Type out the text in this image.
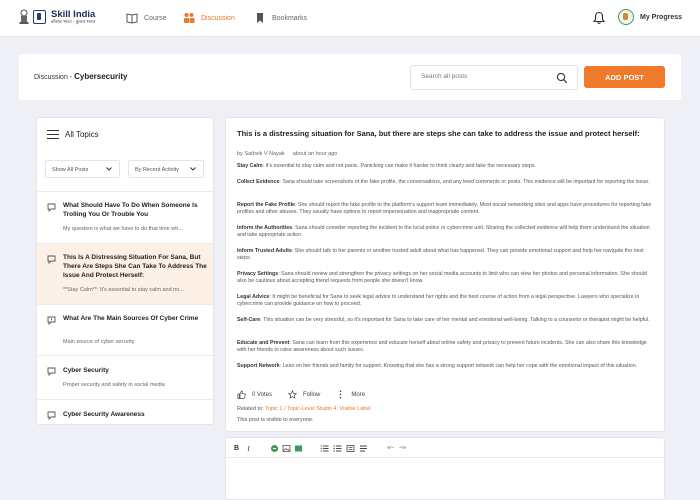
Skill India
कौशल भारत - कुशल भारत	Course	Discussion	Bookmarks	My Progress
Discussion - Cybersecurity
Search all posts	ADD POST
All Topics
Show All Posts	By Recent Activity
What Should Have To Do When Someone Is Trolling You Or Trouble You
My question is what we have to do that time wh...
This Is A Distressing Situation For Sana, But There Are Steps She Can Take To Address The Issue And Protect Herself:
**Stay Calm**: It's essential to stay calm and no...
What Are The Main Sources Of Cyber Crime
Main source of cyber security
Cyber Security
Proper security and safety in social media
Cyber Security Awareness
This is a distressing situation for Sana, but there are steps she can take to address the issue and protect herself:
by Sathvik V Nayak about an hour ago
Stay Calm: It's essential to stay calm and not panic. Panicking can make it harder to think clearly and take the necessary steps.
Collect Evidence: Sana should take screenshots of the fake profile, the conversations, and any lewd comments or posts. This evidence will be important for reporting the issue.
Report the Fake Profile: She should report the fake profile to the platform's support team immediately. Most social networking sites and apps have procedures for reporting fake profiles and other abuses. They usually have options to report impersonation and inappropriate content.
Inform the Authorities: Sana should consider reporting the incident to the local police or cybercrime unit. Sharing the collected evidence will help them understand the situation and take appropriate action.
Inform Trusted Adults: She should talk to her parents or another trusted adult about what has happened. They can provide emotional support and help her navigate the next steps.
Privacy Settings: Sana should review and strengthen the privacy settings on her social media accounts to limit who can view her photos and personal information. She should also be cautious about accepting friend requests from people she doesn't know.
Legal Advice: It might be beneficial for Sana to seek legal advice to understand her rights and the best course of action from a legal perspective. Lawyers who specialize in cybercrime can provide guidance on how to proceed.
Self-Care: This situation can be very stressful, so it's important for Sana to take care of her mental and emotional well-being. Talking to a counselor or therapist might be helpful.
Educate and Prevent: Sana can learn from this experience and educate herself about online safety and privacy to prevent future incidents. She can also share this knowledge with her friends to raise awareness about such issues.
Support Network: Lean on her friends and family for support. Knowing that she has a strong support network can help her cope with the emotional impact of this situation.
0 Votes	Follow	More
Related to: Topic 1 / Topic-Level Studio 4: Visible Label
This post is visible to everyone.
B	I
